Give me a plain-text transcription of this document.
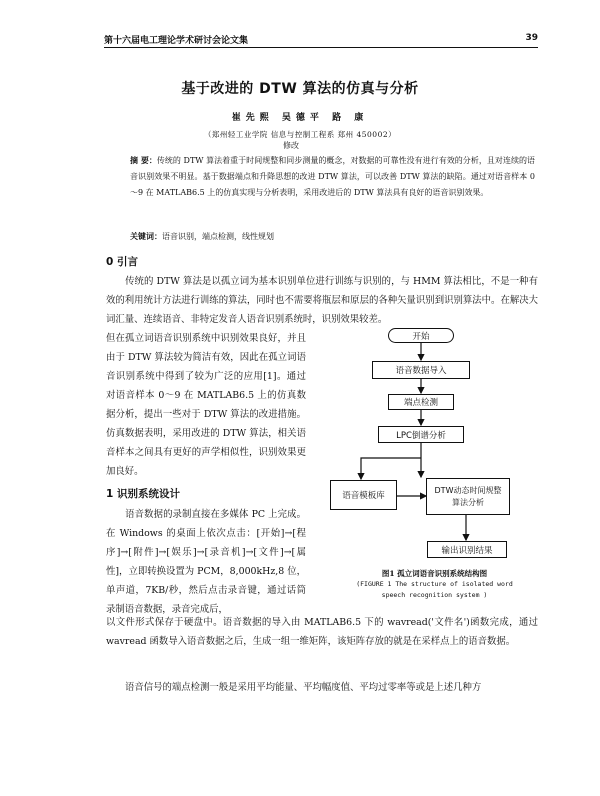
第十六届电工理论学术研讨会论文集	39
基于改进的 DTW 算法的仿真与分析
崔先熙 吴德平 路 康
（郑州轻工业学院 信息与控制工程系 郑州 450002）
修改
摘 要：传统的 DTW 算法着重于时间规整和同步测量的概念，对数据的可靠性没有进行有效的分析，且对连续的语音识别效果不明显。基于数据端点和升降思想的改进 DTW 算法，可以改善 DTW 算法的缺陷。通过对语音样本 0～9 在 MATLAB6.5 上的仿真实现与分析表明，采用改进后的 DTW 算法具有良好的语音识别效果。
关键词：语音识别，端点检测，线性规划
0 引言
传统的 DTW 算法是以孤立词为基本识别单位进行训练与识别的，与 HMM 算法相比，不是一种有效的利用统计方法进行训练的算法，同时也不需要将瓶层和原层的各种矢量识别到识别算法中。在解决大词汇量、连续语音、非特定发音人语音识别系统时，识别效果较差。
但在孤立词语音识别系统中识别效果良好，并且由于 DTW 算法较为简洁有效，因此在孤立词语音识别系统中得到了较为广泛的应用[1]。通过对语音样本 0～9 在 MATLAB6.5 上的仿真数据分析，提出一些对于 DTW 算法的改进措施。仿真数据表明，采用改进的 DTW 算法，相关语音样本之间具有更好的声学相似性，识别效果更加良好。
1 识别系统设计
语音数据的录制直接在多媒体 PC 上完成。在 Windows 的桌面上依次点击：[开始]→[程序]→[附件]→[娱乐]→[录音机]→[文件]→[属性]，立即转换设置为 PCM，8,000kHz,8 位，单声道，7KB/秒，然后点击录音键，通过话筒录制语音数据，录音完成后，
以文件形式保存于硬盘中。语音数据的导入由 MATLAB6.5 下的 wavread('文件名')函数完成，通过 wavread 函数导入语音数据之后，生成一组一维矩阵，该矩阵存放的就是在采样点上的语音数据。
语音信号的端点检测一般是采用平均能量、平均幅度值、平均过零率等或是上述几种方
开始
语音数据导入
端点检测
LPC倒谱分析
语音模板库
DTW动态时间规整算法分析
输出识别结果
图1 孤立词语音识别系统结构图
(FIGURE 1 The structure of isolated word
speech recognition system )
